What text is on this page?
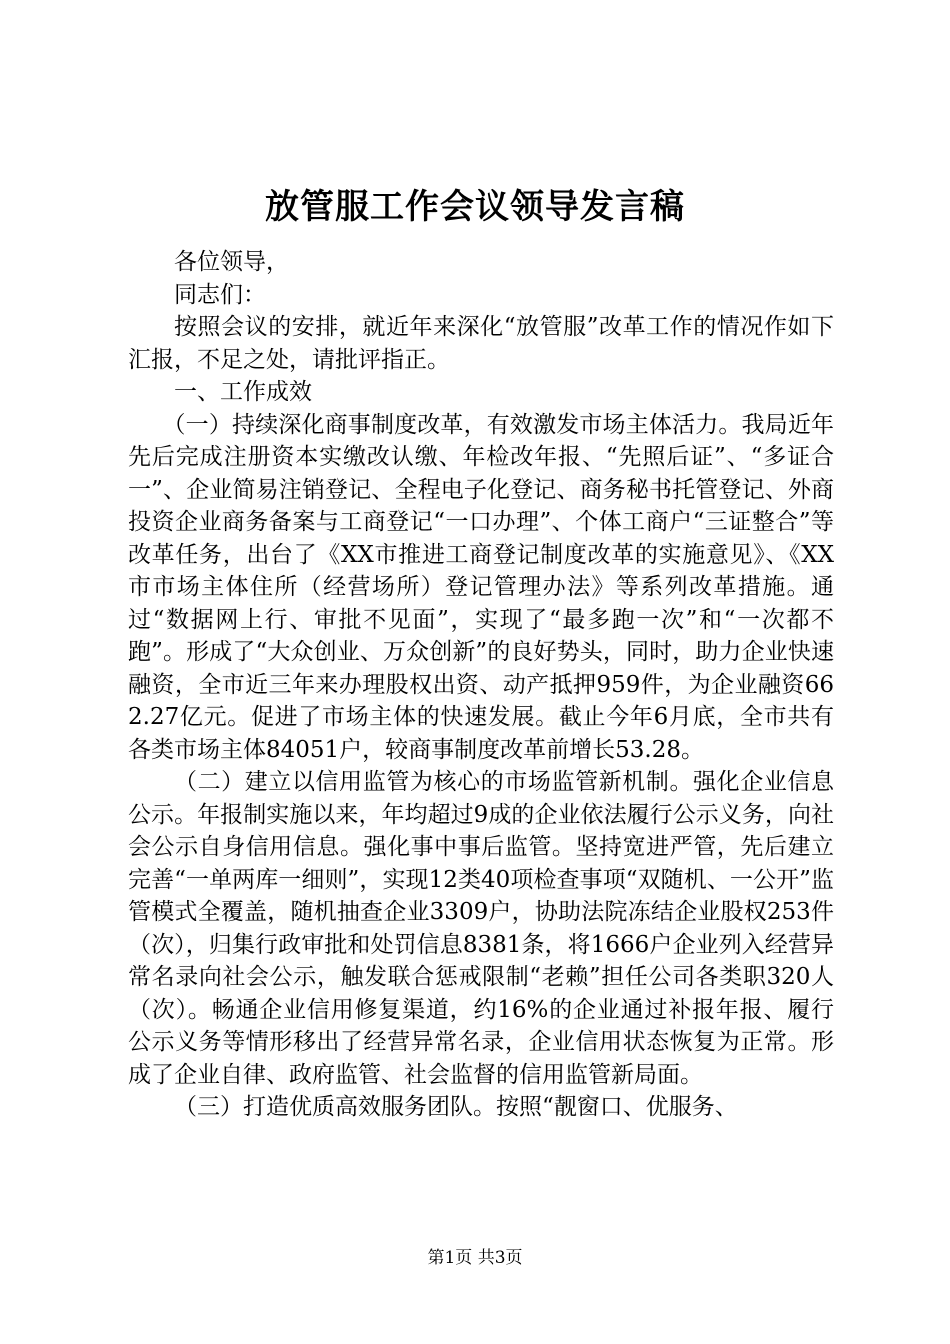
放管服工作会议领导发言稿

各位领导，

同志们：

按照会议的安排，就近年来深化“放管服”改革工作的情况作如下汇报，不足之处，请批评指正。

一、工作成效

（一）持续深化商事制度改革，有效激发市场主体活力。我局近年先后完成注册资本实缴改认缴、年检改年报、“先照后证”、“多证合一”、企业简易注销登记、全程电子化登记、商务秘书托管登记、外商投资企业商务备案与工商登记“一口办理”、个体工商户“三证整合”等改革任务，出台了《XX市推进工商登记制度改革的实施意见》、《XX市市场主体住所（经营场所）登记管理办法》等系列改革措施。通过“数据网上行、审批不见面”，实现了“最多跑一次”和“一次都不跑”。形成了“大众创业、万众创新”的良好势头，同时，助力企业快速融资，全市近三年来办理股权出资、动产抵押959件，为企业融资662.27亿元。促进了市场主体的快速发展。截止今年6月底，全市共有各类市场主体84051户，较商事制度改革前增长53.28。

（二）建立以信用监管为核心的市场监管新机制。强化企业信息公示。年报制实施以来，年均超过9成的企业依法履行公示义务，向社会公示自身信用信息。强化事中事后监管。坚持宽进严管，先后建立完善“一单两库一细则”，实现12类40项检查事项“双随机、一公开”监管模式全覆盖，随机抽查企业3309户，协助法院冻结企业股权253件（次），归集行政审批和处罚信息8381条，将1666户企业列入经营异常名录向社会公示，触发联合惩戒限制“老赖”担任公司各类职320人（次）。畅通企业信用修复渠道，约16%的企业通过补报年报、履行公示义务等情形移出了经营异常名录，企业信用状态恢复为正常。形成了企业自律、政府监管、社会监督的信用监管新局面。

（三）打造优质高效服务团队。按照“靓窗口、优服务、

第1页 共3页
